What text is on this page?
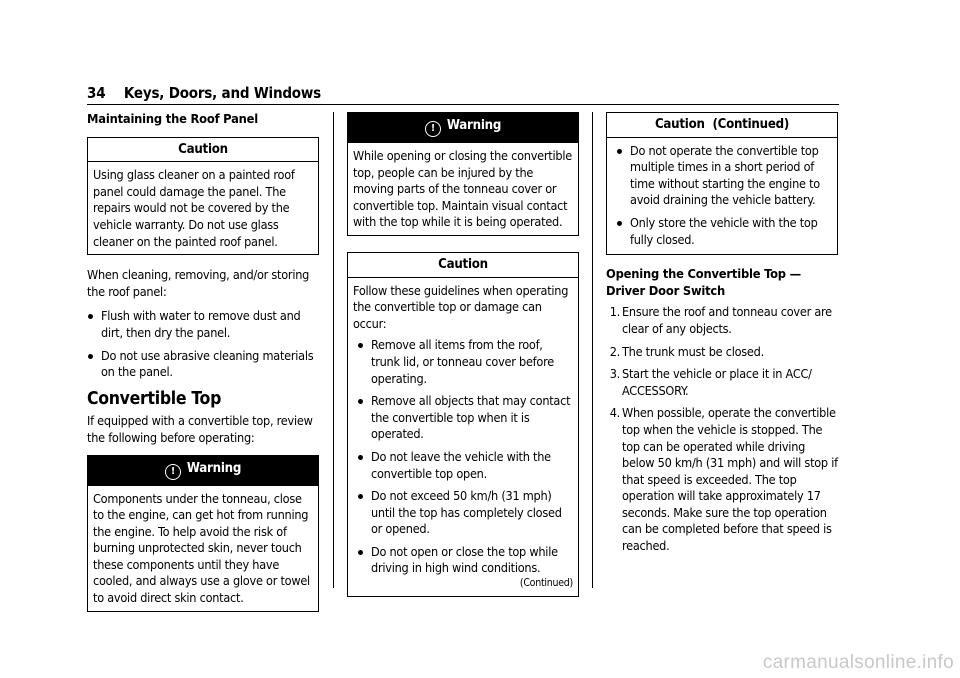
34 Keys, Doors, and Windows
Maintaining the Roof Panel
Caution
Using glass cleaner on a painted roof panel could damage the panel. The repairs would not be covered by the vehicle warranty. Do not use glass cleaner on the painted roof panel.

When cleaning, removing, and/or storing the roof panel:

Flush with water to remove dust and dirt, then dry the panel.
Do not use abrasive cleaning materials on the panel.
Convertible Top

If equipped with a convertible top, review the following before operating:

! Warning
Components under the tonneau, close to the engine, can get hot from running the engine. To help avoid the risk of burning unprotected skin, never touch these components until they have cooled, and always use a glove or towel to avoid direct skin contact.
! Warning
While opening or closing the convertible top, people can be injured by the moving parts of the tonneau cover or convertible top. Maintain visual contact with the top while it is being operated.
Caution

Follow these guidelines when operating the convertible top or damage can occur:

Remove all items from the roof, trunk lid, or tonneau cover before operating.
Remove all objects that may contact the convertible top when it is operated.
Do not leave the vehicle with the convertible top open.
Do not exceed 50 km/h (31 mph) until the top has completely closed or opened.
Do not open or close the top while driving in high wind conditions.
(Continued)
Caution  (Continued)
Do not operate the convertible top multiple times in a short period of time without starting the engine to avoid draining the vehicle battery.
Only store the vehicle with the top fully closed.
Opening the Convertible Top — Driver Door Switch
1. Ensure the roof and tonneau cover are clear of any objects.
2. The trunk must be closed.
3. Start the vehicle or place it in ACC/ ACCESSORY.
4. When possible, operate the convertible top when the vehicle is stopped. The top can be operated while driving below 50 km/h (31 mph) and will stop if that speed is exceeded. The top operation will take approximately 17 seconds. Make sure the top operation can be completed before that speed is reached.
carmanualsonline.info
